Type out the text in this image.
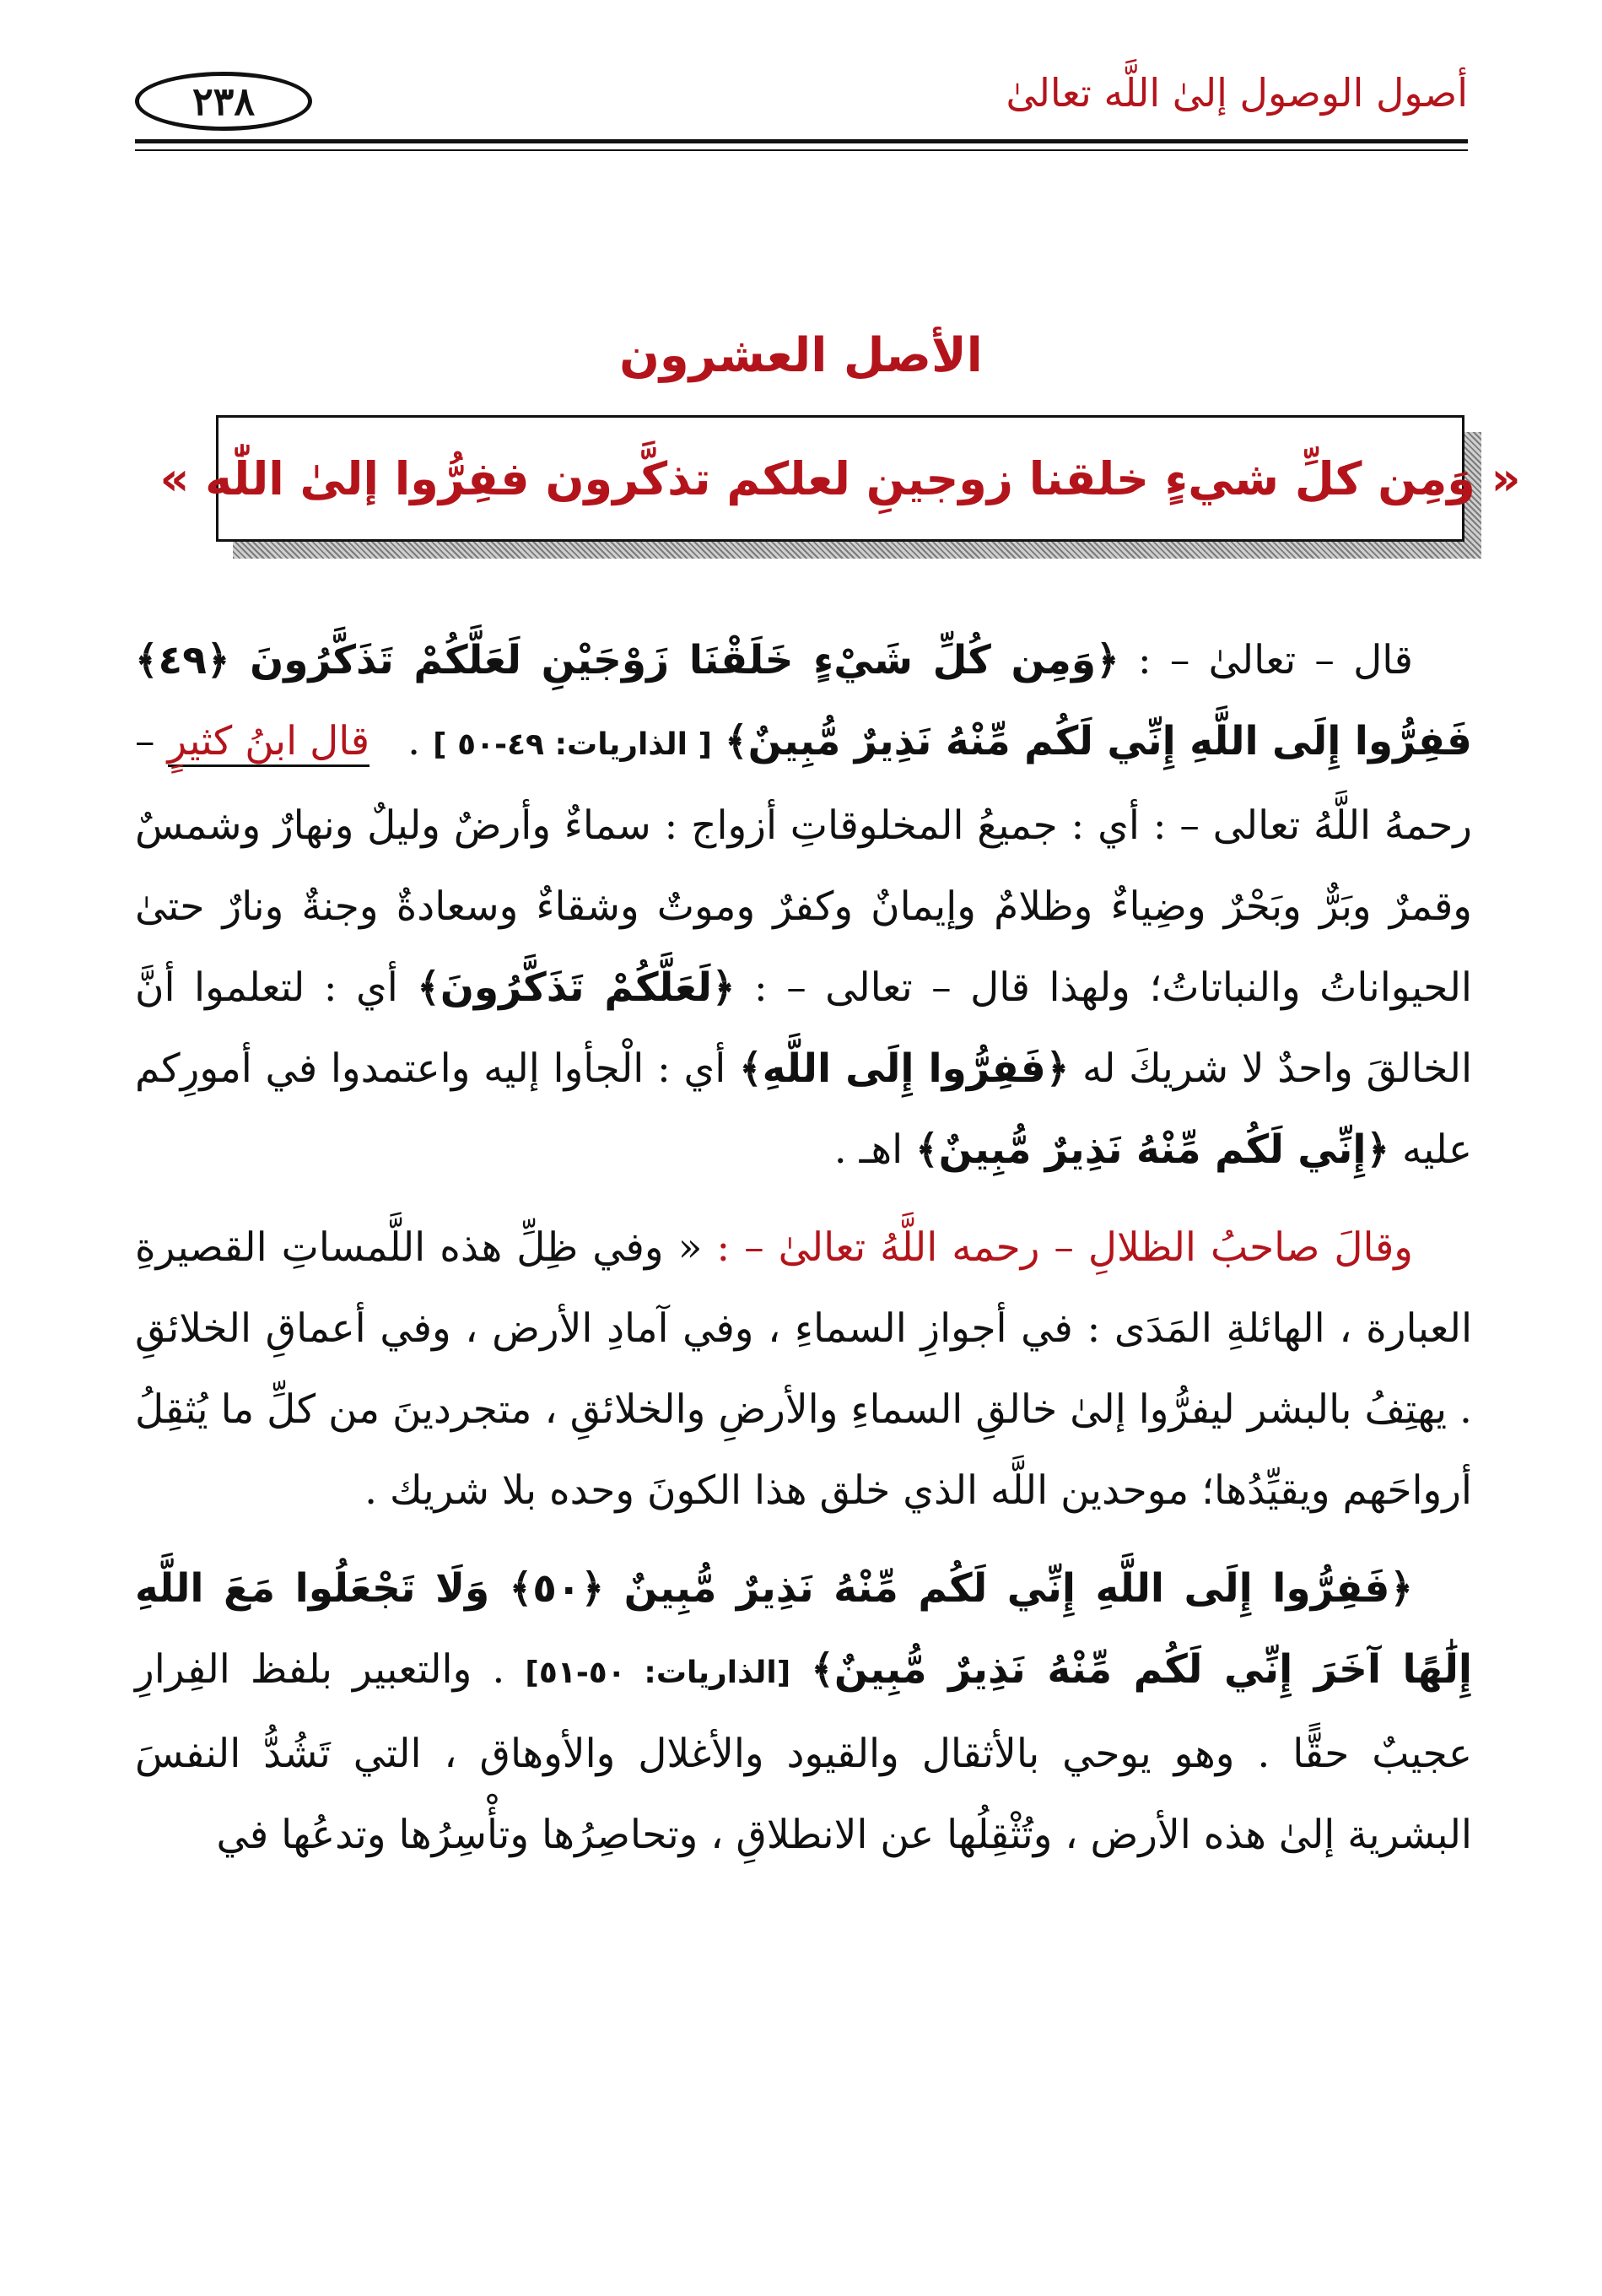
٢٣٨	أصول الوصول إلىٰ اللَّه تعالىٰ
الأصل العشرون
« وَمِن كلِّ شيءٍ خلقنا زوجينِ لعلكم تذكَّرون ففِرُّوا إلىٰ اللّٰه »

قال – تعالىٰ – : ﴿وَمِن كُلِّ شَيْءٍ خَلَقْنَا زَوْجَيْنِ لَعَلَّكُمْ تَذَكَّرُونَ ﴿٤٩﴾ فَفِرُّوا إِلَى اللَّهِ إِنِّي لَكُم مِّنْهُ نَذِيرٌ مُّبِينٌ﴾ [ الذاريات: ٤٩-٥٠ ] .   قال ابنُ كثيرٍ – رحمهُ اللَّهُ تعالى – : أي : جميعُ المخلوقاتِ أزواج : سماءٌ وأرضٌ وليلٌ ونهارٌ وشمسٌ وقمرٌ وبَرٌّ وبَحْرٌ وضِياءٌ وظلامٌ وإيمانٌ وكفرٌ وموتٌ وشقاءٌ وسعادةٌ وجنةٌ ونارٌ حتىٰ الحيواناتُ والنباتاتُ؛ ولهذا قال – تعالى – : ﴿لَعَلَّكُمْ تَذَكَّرُونَ﴾ أي : لتعلموا أنَّ الخالقَ واحدٌ لا شريكَ له ﴿فَفِرُّوا إِلَى اللَّهِ﴾ أي : الْجأوا إليه واعتمدوا في أمورِكم عليه ﴿إِنِّي لَكُم مِّنْهُ نَذِيرٌ مُّبِينٌ﴾ اهـ .

وقالَ صاحبُ الظلالِ – رحمه اللَّهُ تعالىٰ – : « وفي ظِلِّ هذه اللَّمساتِ القصيرةِ العبارة ، الهائلةِ المَدَى : في أجوازِ السماءِ ، وفي آمادِ الأرض ، وفي أعماقِ الخلائقِ . يهتِفُ بالبشر ليفرُّوا إلىٰ خالقِ السماءِ والأرضِ والخلائقِ ، متجردينَ من كلِّ ما يُثقِلُ أرواحَهم ويقيِّدُها؛ موحدين اللَّه الذي خلق هذا الكونَ وحده بلا شريك .

﴿فَفِرُّوا إِلَى اللَّهِ إِنِّي لَكُم مِّنْهُ نَذِيرٌ مُّبِينٌ ﴿٥٠﴾ وَلَا تَجْعَلُوا مَعَ اللَّهِ إِلَٰهًا آخَرَ إِنِّي لَكُم مِّنْهُ نَذِيرٌ مُّبِينٌ﴾ [الذاريات: ٥٠-٥١] . والتعبير بلفظ الفِرارِ عجيبٌ حقًّا . وهو يوحي بالأثقال والقيود والأغلال والأوهاق ، التي تَشُدُّ النفسَ البشرية إلىٰ هذه الأرض ، وتُثْقِلُها عن الانطلاقِ ، وتحاصِرُها وتأْسِرُها وتدعُها في
